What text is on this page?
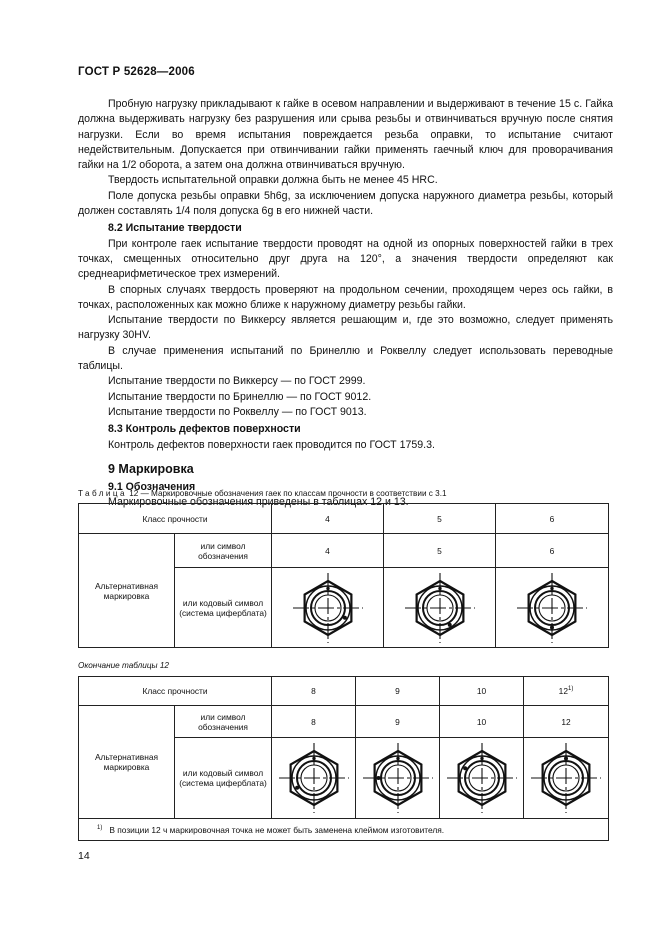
ГОСТ Р 52628—2006

Пробную нагрузку прикладывают к гайке в осевом направлении и выдерживают в течение 15 с. Гайка должна выдерживать нагрузку без разрушения или срыва резьбы и отвинчиваться вручную после снятия нагрузки. Если во время испытания повреждается резьба оправки, то испытание считают недействительным. Допускается при отвинчивании гайки применять гаечный ключ для проворачивания гайки на 1/2 оборота, а затем она должна отвинчиваться вручную.

Твердость испытательной оправки должна быть не менее 45 HRC.

Поле допуска резьбы оправки 5h6g, за исключением допуска наружного диаметра резьбы, который должен составлять 1/4 поля допуска 6g в его нижней части.

8.2 Испытание твердости

При контроле гаек испытание твердости проводят на одной из опорных поверхностей гайки в трех точках, смещенных относительно друг друга на 120°, а значения твердости определяют как среднеарифметическое трех измерений.

В спорных случаях твердость проверяют на продольном сечении, проходящем через ось гайки, в точках, расположенных как можно ближе к наружному диаметру резьбы гайки.

Испытание твердости по Виккерсу является решающим и, где это возможно, следует применять нагрузку 30HV.

В случае применения испытаний по Бринеллю и Роквеллу следует использовать переводные таблицы.

Испытание твердости по Виккерсу — по ГОСТ 2999.

Испытание твердости по Бринеллю — по ГОСТ 9012.

Испытание твердости по Роквеллу — по ГОСТ 9013.

8.3 Контроль дефектов поверхности

Контроль дефектов поверхности гаек проводится по ГОСТ 1759.3.

9 Маркировка

9.1 Обозначения

Маркировочные обозначения приведены в таблицах 12 и 13.

Таблица 12 — Маркировочные обозначения гаек по классам прочности в соответствии с 3.1
Класс прочности		4	5	6
Альтернативная маркировка	или символ обозначения	4	5	6
	или кодовый символ (система циферблата)	

Окончание таблицы 12
Класс прочности		8	9	10	12$^{1)}$
Альтернативная маркировка	или символ обозначения	8	9	10	12
	или кодовый символ (система циферблата)	

$^{1)}$ В позиции 12 ч маркировочная точка не может быть заменена клеймом изготовителя.					
14
